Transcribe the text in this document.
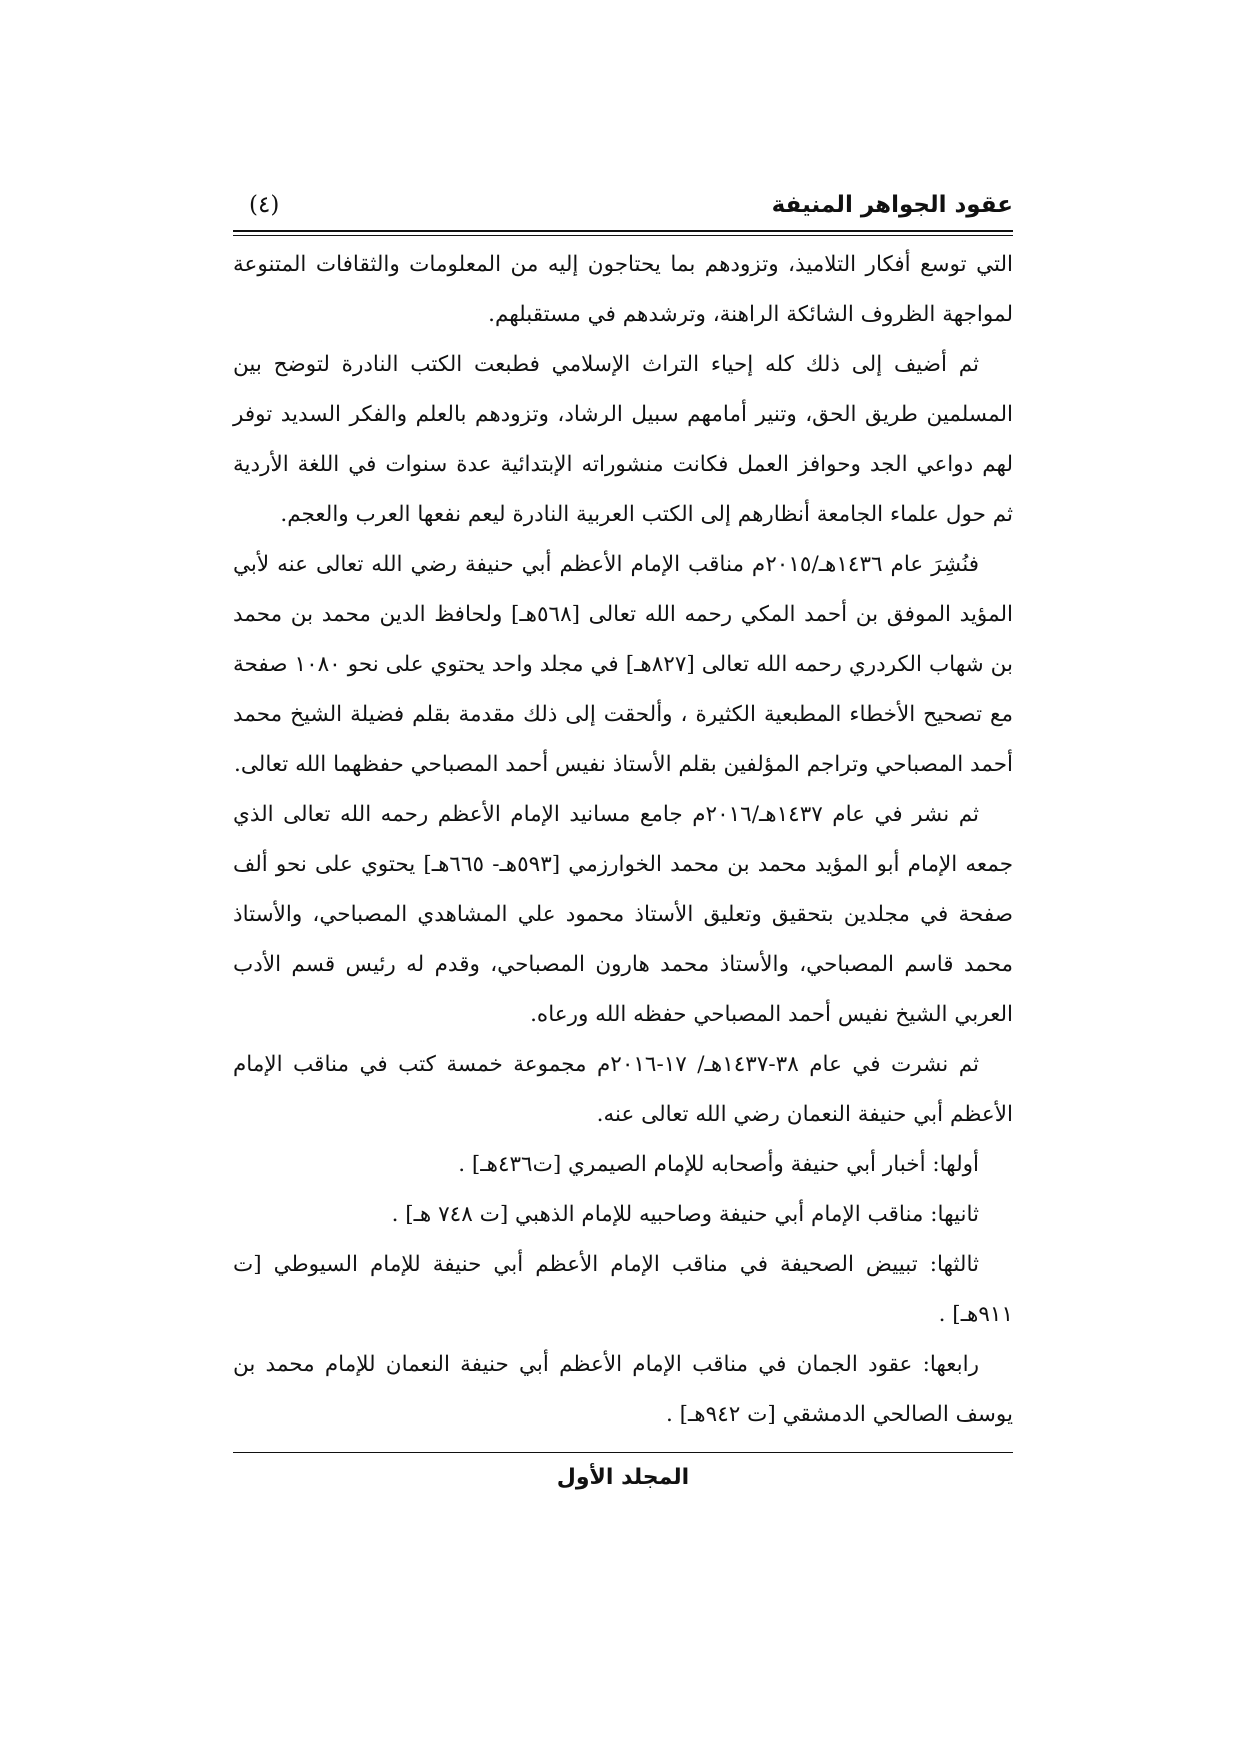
عقود الجواهر المنيفة
(٤)

التي توسع أفكار التلاميذ، وتزودهم بما يحتاجون إليه من المعلومات والثقافات المتنوعة لمواجهة الظروف الشائكة الراهنة، وترشدهم في مستقبلهم.

ثم أضيف إلى ذلك كله إحياء التراث الإسلامي فطبعت الكتب النادرة لتوضح بين المسلمين طريق الحق، وتنير أمامهم سبيل الرشاد، وتزودهم بالعلم والفكر السديد توفر لهم دواعي الجد وحوافز العمل فكانت منشوراته الإبتدائية عدة سنوات في اللغة الأردية ثم حول علماء الجامعة أنظارهم إلى الكتب العربية النادرة ليعم نفعها العرب والعجم.

فنُشِرَ عام ١٤٣٦هـ/٢٠١٥م مناقب الإمام الأعظم أبي حنيفة رضي الله تعالى عنه لأبي المؤيد الموفق بن أحمد المكي رحمه الله تعالى [٥٦٨هـ] ولحافظ الدين محمد بن محمد بن شهاب الكردري رحمه الله تعالى [٨٢٧هـ] في مجلد واحد يحتوي على نحو ١٠٨٠ صفحة مع تصحيح الأخطاء المطبعية الكثيرة ، وألحقت إلى ذلك مقدمة بقلم فضيلة الشيخ محمد أحمد المصباحي وتراجم المؤلفين بقلم الأستاذ نفيس أحمد المصباحي حفظهما الله تعالى.

ثم نشر في عام ١٤٣٧هـ/٢٠١٦م جامع مسانيد الإمام الأعظم رحمه الله تعالى الذي جمعه الإمام أبو المؤيد محمد بن محمد الخوارزمي [٥٩٣هـ- ٦٦٥هـ] يحتوي على نحو ألف صفحة في مجلدين بتحقيق وتعليق الأستاذ محمود علي المشاهدي المصباحي، والأستاذ محمد قاسم المصباحي، والأستاذ محمد هارون المصباحي، وقدم له رئيس قسم الأدب العربي الشيخ نفيس أحمد المصباحي حفظه الله ورعاه.

ثم نشرت في عام ٣٨-١٤٣٧هـ/ ١٧-٢٠١٦م مجموعة خمسة كتب في مناقب الإمام الأعظم أبي حنيفة النعمان رضي الله تعالى عنه.

أولها: أخبار أبي حنيفة وأصحابه للإمام الصيمري [ت٤٣٦هـ] .

ثانيها: مناقب الإمام أبي حنيفة وصاحبيه للإمام الذهبي [ت ٧٤٨ هـ] .

ثالثها: تبييض الصحيفة في مناقب الإمام الأعظم أبي حنيفة للإمام السيوطي [ت ٩١١هـ] .

رابعها: عقود الجمان في مناقب الإمام الأعظم أبي حنيفة النعمان للإمام محمد بن يوسف الصالحي الدمشقي [ت ٩٤٢هـ] .

المجلد الأول
